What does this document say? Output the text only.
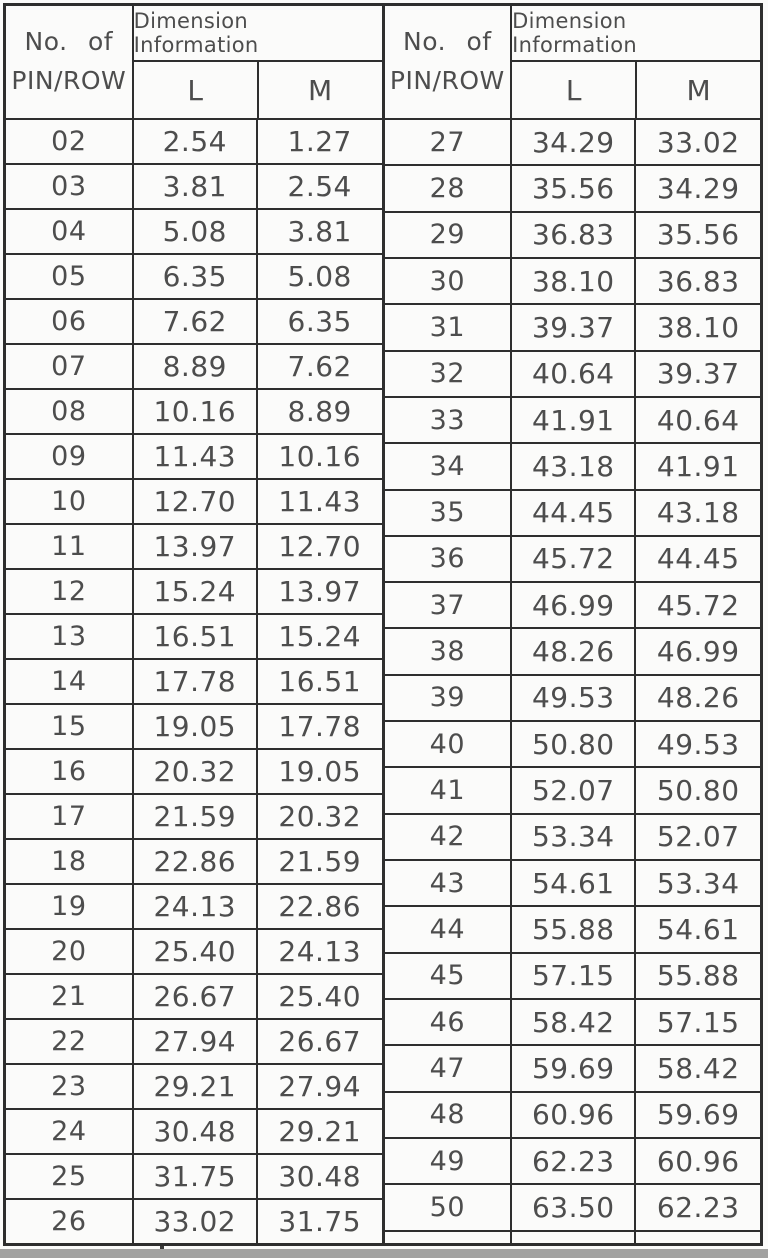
No. of
PIN/ROW
Dimension Information
L	M
02	2.54	1.27
03	3.81	2.54
04	5.08	3.81
05	6.35	5.08
06	7.62	6.35
07	8.89	7.62
08	10.16	8.89
09	11.43	10.16
10	12.70	11.43
11	13.97	12.70
12	15.24	13.97
13	16.51	15.24
14	17.78	16.51
15	19.05	17.78
16	20.32	19.05
17	21.59	20.32
18	22.86	21.59
19	24.13	22.86
20	25.40	24.13
21	26.67	25.40
22	27.94	26.67
23	29.21	27.94
24	30.48	29.21
25	31.75	30.48
26	33.02	31.75
No. of
PIN/ROW
Dimension Information
L	M
27	34.29	33.02
28	35.56	34.29
29	36.83	35.56
30	38.10	36.83
31	39.37	38.10
32	40.64	39.37
33	41.91	40.64
34	43.18	41.91
35	44.45	43.18
36	45.72	44.45
37	46.99	45.72
38	48.26	46.99
39	49.53	48.26
40	50.80	49.53
41	52.07	50.80
42	53.34	52.07
43	54.61	53.34
44	55.88	54.61
45	57.15	55.88
46	58.42	57.15
47	59.69	58.42
48	60.96	59.69
49	62.23	60.96
50	63.50	62.23
